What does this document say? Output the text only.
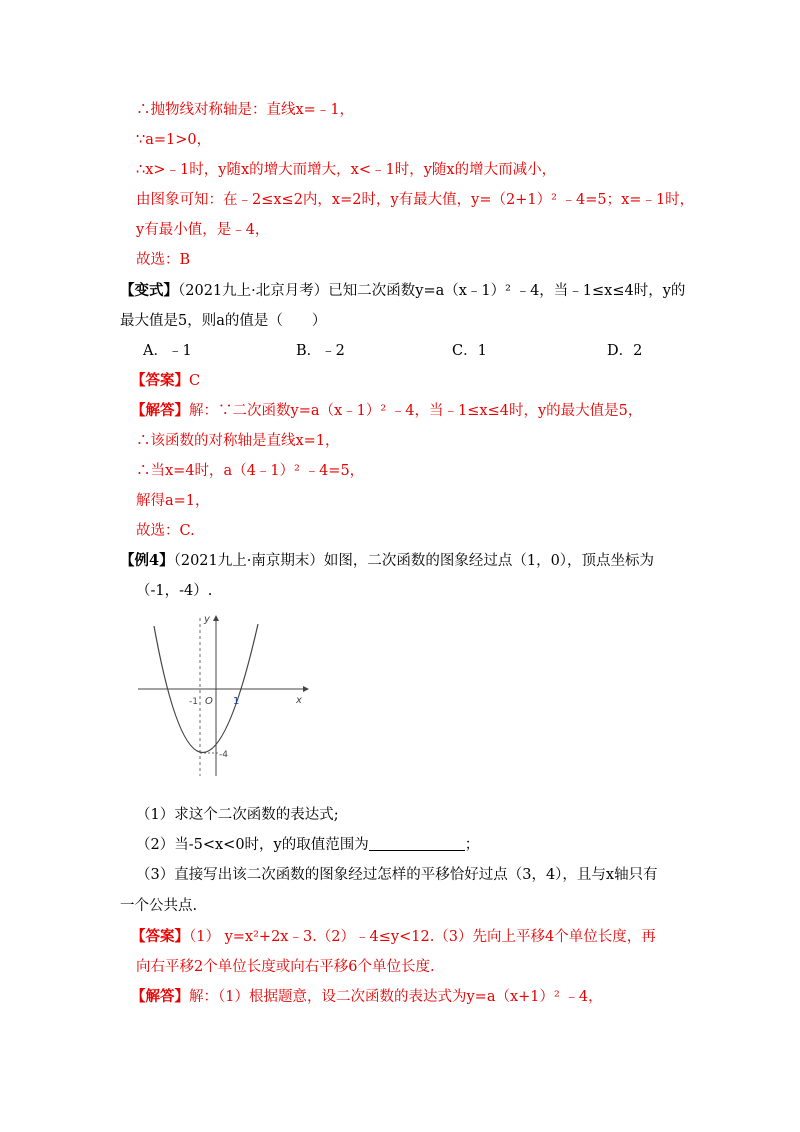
∴抛物线对称轴是：直线x=﹣1，
∵a=1>0，
∴x>﹣1时，y随x的增大而增大，x<﹣1时，y随x的增大而减小，
由图象可知：在﹣2≤x≤2内，x=2时，y有最大值，y=（2+1）² ﹣4=5；x=﹣1时，
y有最小值，是﹣4，
故选：B
【变式】（2021九上·北京月考）已知二次函数y=a（x﹣1）² ﹣4，当﹣1≤x≤4时，y的
最大值是5，则a的值是（　　）
A．﹣1	B．﹣2	C．1	D．2
【答案】C
【解答】解：∵二次函数y=a（x﹣1）² ﹣4，当﹣1≤x≤4时，y的最大值是5，
∴该函数的对称轴是直线x=1，
∴当x=4时，a（4﹣1）² ﹣4=5，
解得a=1，
故选：C.
【例4】（2021九上·南京期末）如图，二次函数的图象经过点（1，0），顶点坐标为
（-1，-4）.
y
x
O
-1	1
-4
（1）求这个二次函数的表达式;
（2）当-5<x<0时，y的取值范围为	；
（3）直接写出该二次函数的图象经过怎样的平移恰好过点（3，4），且与x轴只有
一个公共点.
【答案】（1） y=x²+2x﹣3.（2）﹣4≤y<12.（3）先向上平移4个单位长度，再
向右平移2个单位长度或向右平移6个单位长度.
【解答】解：（1）根据题意，设二次函数的表达式为y=a（x+1）² ﹣4，
